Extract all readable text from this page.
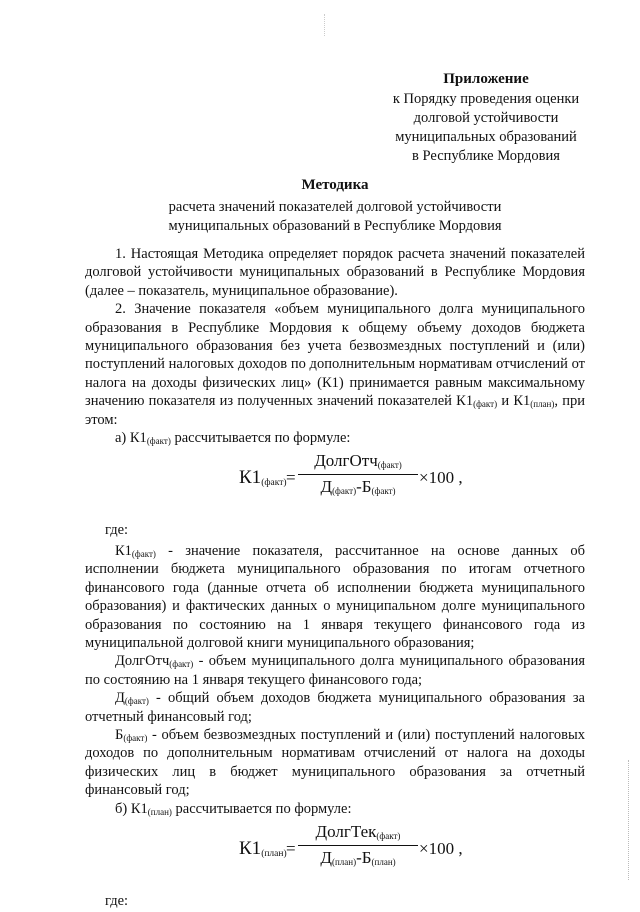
Приложение
к Порядку проведения оценки
долговой устойчивости
муниципальных образований
в Республике Мордовия
Методика
расчета значений показателей долговой устойчивости
муниципальных образований в Республике Мордовия

1. Настоящая Методика определяет порядок расчета значений показателей долговой устойчивости муниципальных образований в Республике Мордовия (далее – показатель, муниципальное образование).

2. Значение показателя «объем муниципального долга муниципального образования в Республике Мордовия к общему объему доходов бюджета муниципального образования без учета безвозмездных поступлений и (или) поступлений налоговых доходов по дополнительным нормативам отчислений от налога на доходы физических лиц» (К1) принимается равным максимальному значению показателя из полученных значений показателей $К1_{(факт)}$ и $К1_{(план)}$, при этом:

а) $К1_{(факт)}$ рассчитывается по формуле:

$К1_{(факт)}$ =
ДолгОтч$_{(факт)}$
$Д_{(факт)}-Б_{(факт)}$
×100 ,

где:

$К1_{(факт)}$ - значение показателя, рассчитанное на основе данных об исполнении бюджета муниципального образования по итогам отчетного финансового года (данные отчета об исполнении бюджета муниципального образования) и фактических данных о муниципальном долге муниципального образования по состоянию на 1 января текущего финансового года из муниципальной долговой книги муниципального образования;

ДолгОтч$_{(факт)}$ - объем муниципального долга муниципального образования по состоянию на 1 января текущего финансового года;

$Д_{(факт)}$ - общий объем доходов бюджета муниципального образования за отчетный финансовый год;

$Б_{(факт)}$ - объем безвозмездных поступлений и (или) поступлений налоговых доходов по дополнительным нормативам отчислений от налога на доходы физических лиц в бюджет муниципального образования за отчетный финансовый год;

б) $К1_{(план)}$ рассчитывается по формуле:

$К1_{(план)}$ =
ДолгТек$_{(факт)}$
$Д_{(план)}-Б_{(план)}$
×100 ,

где:
